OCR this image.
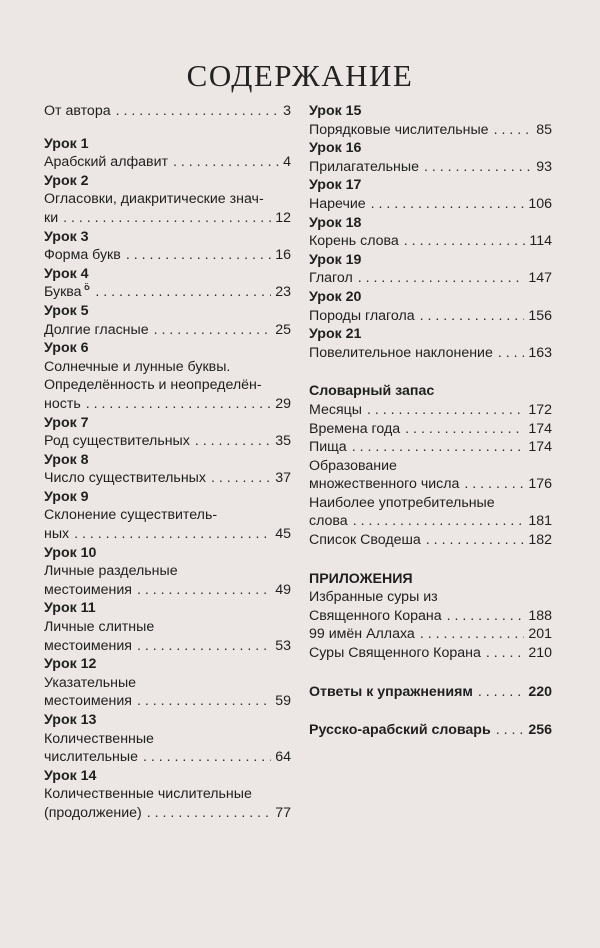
СОДЕРЖАНИЕ
От автора . . .	3
Урок 1
Арабский алфавит . . .	4
Урок 2
Огласовки, диакритические знач-
ки . . .	12
Урок 3
Форма букв . . .	16
Урок 4
Буква ة . . .	23
Урок 5
Долгие гласные . . .	25
Урок 6
Солнечные и лунные буквы.
Определённость и неопределён-
ность . . .	29
Урок 7
Род существительных . . .	35
Урок 8
Число существительных . . .	37
Урок 9
Склонение существитель-
ных . . .	45
Урок 10
Личные раздельные
местоимения . . .	49
Урок 11
Личные слитные
местоимения . . .	53
Урок 12
Указательные
местоимения . . .	59
Урок 13
Количественные
числительные . . .	64
Урок 14
Количественные числительные
(продолжение) . . .	77
Урок 15
Порядковые числительные . . .	85
Урок 16
Прилагательные . . .	93
Урок 17
Наречие . . .	106
Урок 18
Корень слова . . .	114
Урок 19
Глагол . . .	147
Урок 20
Породы глагола . . .	156
Урок 21
Повелительное наклонение . . . 163
Словарный запас
Месяцы . . .	172
Времена года . . .	174
Пища . . .	174
Образование
множественного числа . . .	176
Наиболее употребительные
слова . . .	181
Список Сводеша . . .	182
ПРИЛОЖЕНИЯ
Избранные суры из
Священного Корана . . .	188
99 имён Аллаха . . .	201
Суры Священного Корана . . .	210
Ответы к упражнениям . . .	220
Русско-арабский словарь . . .	256
